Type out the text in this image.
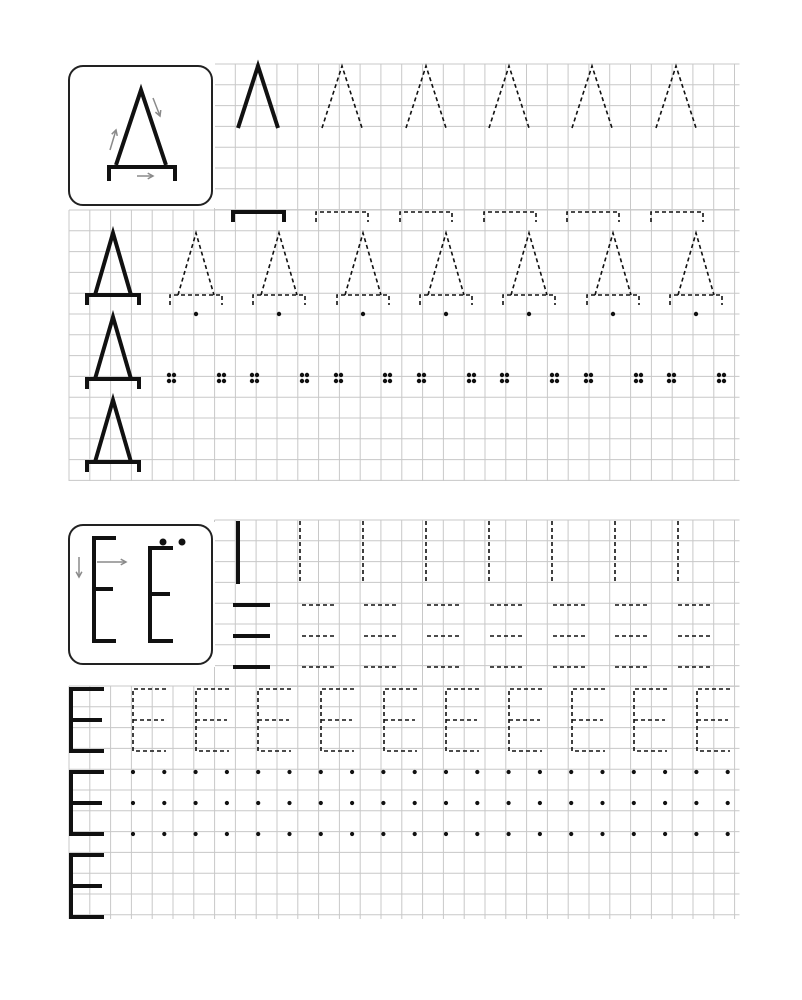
А
Е	Ё
